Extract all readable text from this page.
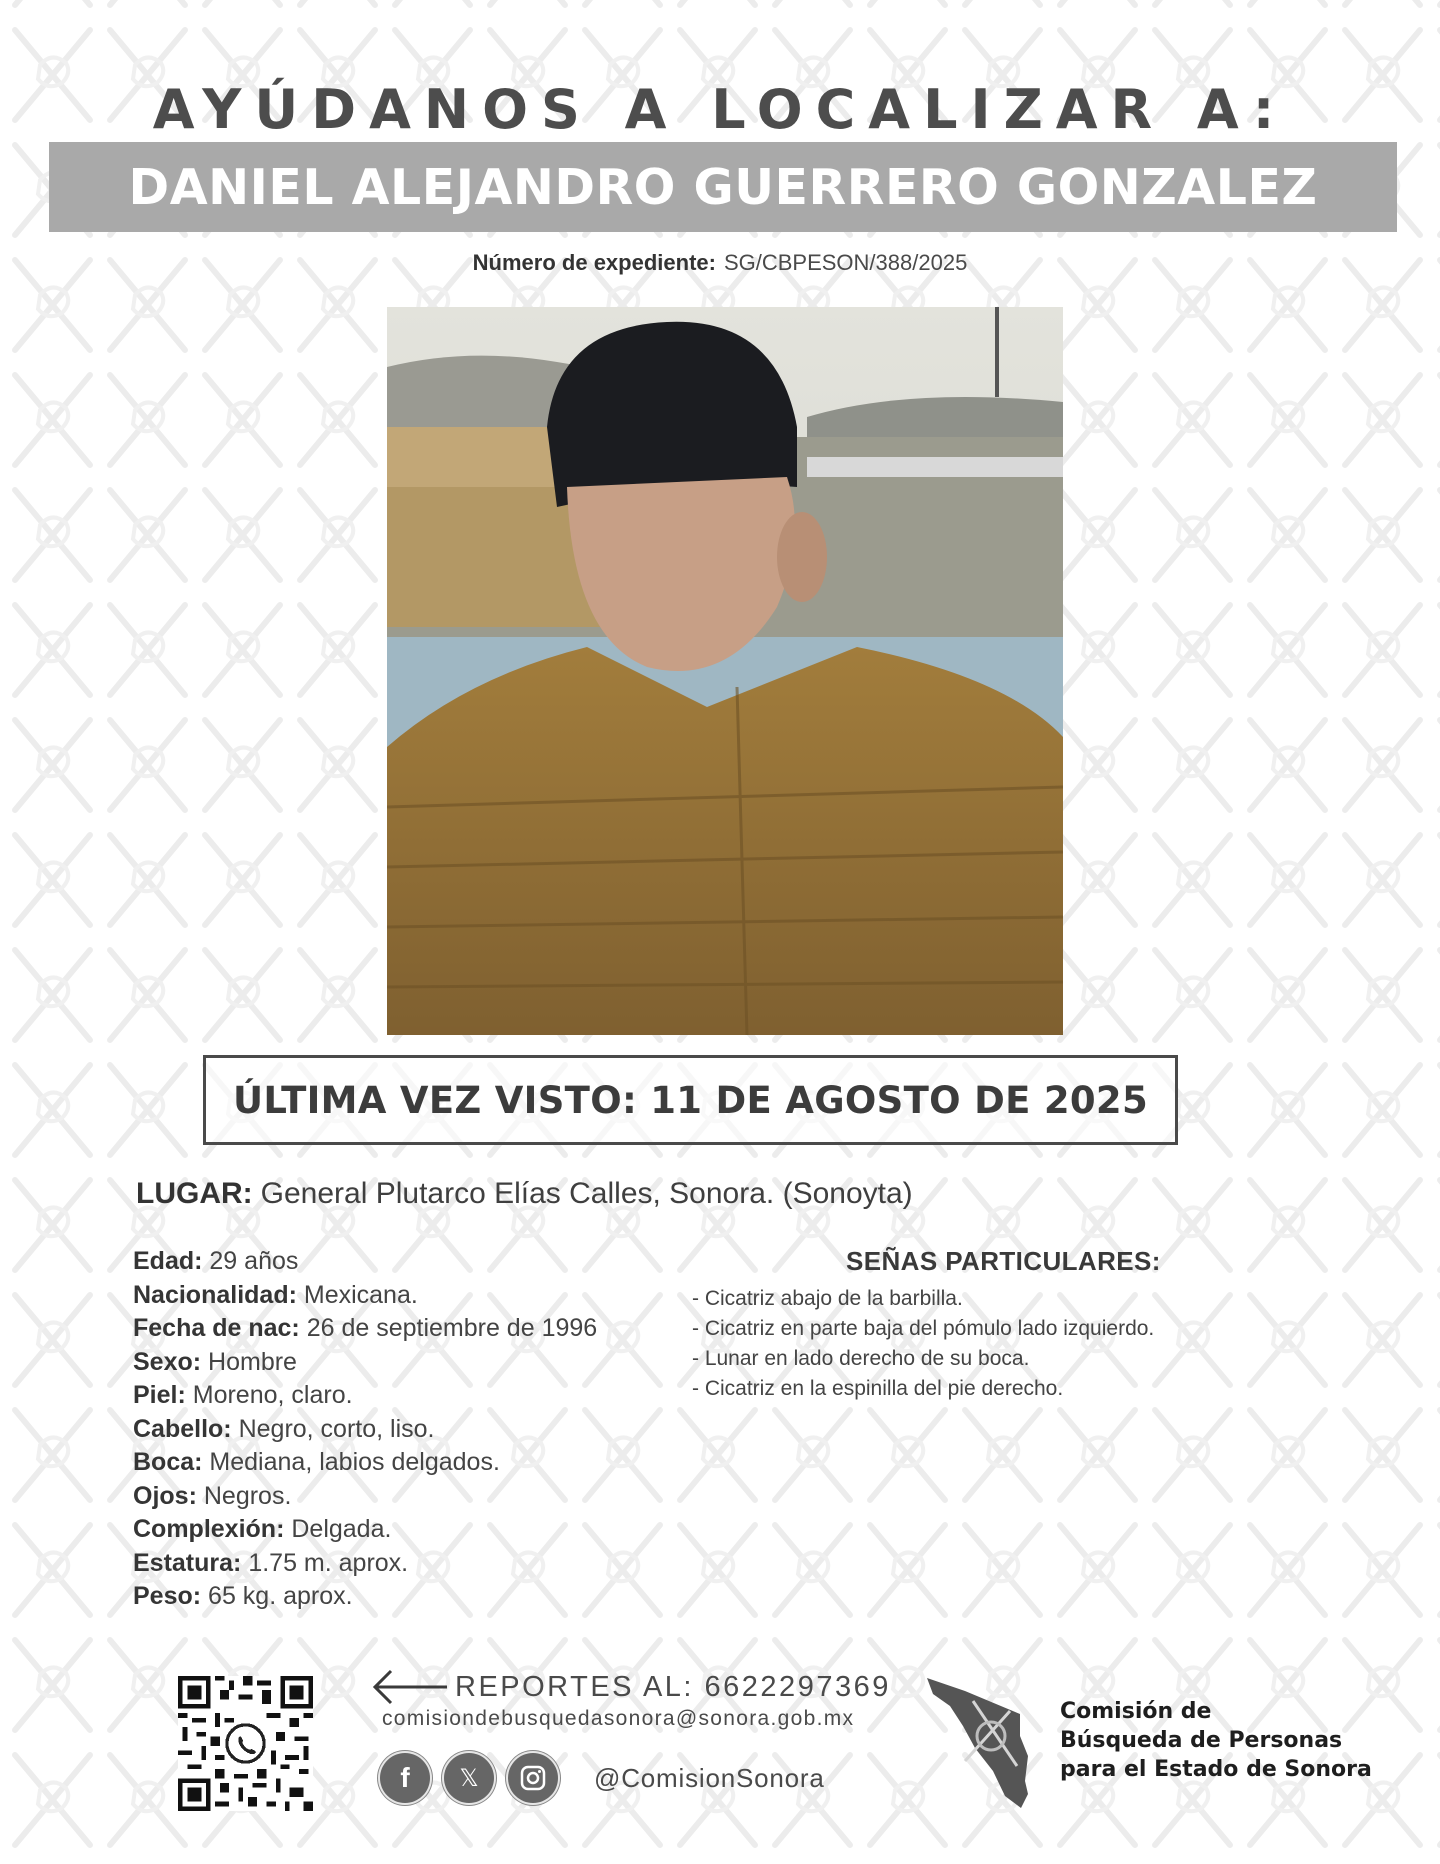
AYÚDANOS A LOCALIZAR A:
DANIEL ALEJANDRO GUERRERO GONZALEZ
Número de expediente: SG/CBPESON/388/2025
ÚLTIMA VEZ VISTO: 11 DE AGOSTO DE 2025
LUGAR: General Plutarco Elías Calles, Sonora. (Sonoyta)
Edad: 29 años
Nacionalidad: Mexicana.
Fecha de nac: 26 de septiembre de 1996
Sexo: Hombre
Piel: Moreno, claro.
Cabello: Negro, corto, liso.
Boca: Mediana, labios delgados.
Ojos: Negros.
Complexión: Delgada.
Estatura: 1.75 m. aprox.
Peso: 65 kg. aprox.
SEÑAS PARTICULARES:
- Cicatriz abajo de la barbilla.
- Cicatriz en parte baja del pómulo lado izquierdo.
- Lunar en lado derecho de su boca.
- Cicatriz en la espinilla del pie derecho.
REPORTES AL: 6622297369
comisiondebusquedasonora@sonora.gob.mx
f 𝕏	@ComisionSonora
Comisión de
Búsqueda de Personas
para el Estado de Sonora
